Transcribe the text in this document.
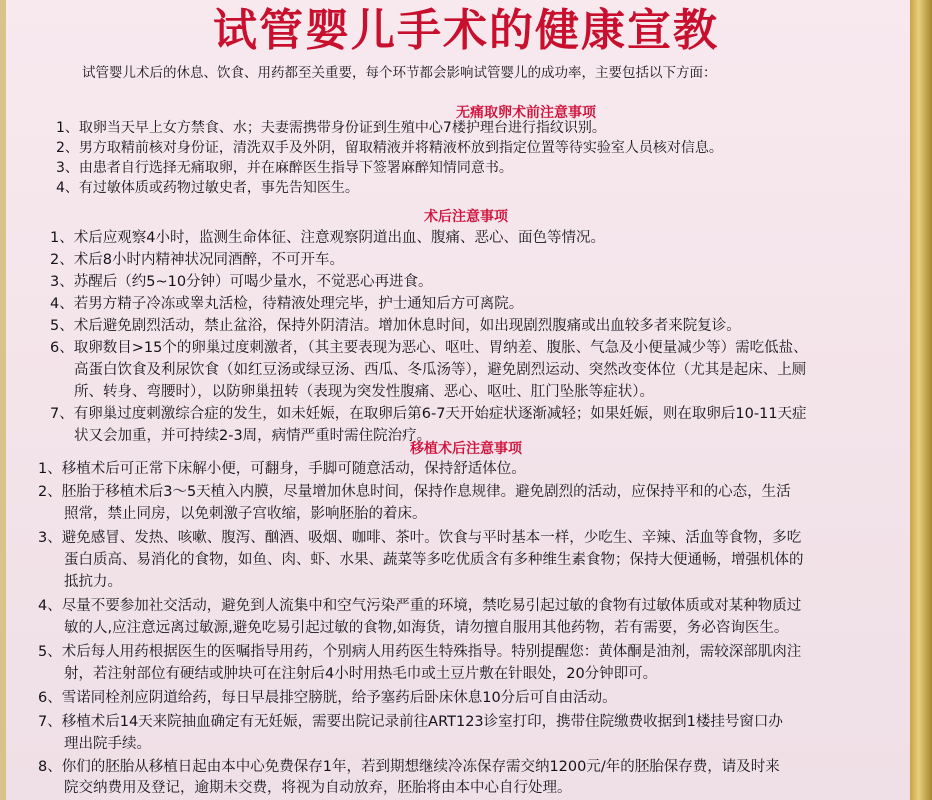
试管婴儿手术的健康宣教
试管婴儿术后的休息、饮食、用药都至关重要，每个环节都会影响试管婴儿的成功率，主要包括以下方面：
无痛取卵术前注意事项
1、取卵当天早上女方禁食、水；夫妻需携带身份证到生殖中心7楼护理台进行指纹识别。
2、男方取精前核对身份证，清洗双手及外阴，留取精液并将精液杯放到指定位置等待实验室人员核对信息。
3、由患者自行选择无痛取卵，并在麻醉医生指导下签署麻醉知情同意书。
4、有过敏体质或药物过敏史者，事先告知医生。
术后注意事项
1、术后应观察4小时，监测生命体征、注意观察阴道出血、腹痛、恶心、面色等情况。
2、术后8小时内精神状况同酒醉，不可开车。
3、苏醒后（约5~10分钟）可喝少量水，不觉恶心再进食。
4、若男方精子冷冻或睾丸活检，待精液处理完毕，护士通知后方可离院。
5、术后避免剧烈活动，禁止盆浴，保持外阴清洁。增加休息时间，如出现剧烈腹痛或出血较多者来院复诊。
6、取卵数目>15个的卵巢过度刺激者，（其主要表现为恶心、呕吐、胃纳差、腹胀、气急及小便量减少等）需吃低盐、
高蛋白饮食及利尿饮食（如红豆汤或绿豆汤、西瓜、冬瓜汤等），避免剧烈运动、突然改变体位（尤其是起床、上厕
所、转身、弯腰时），以防卵巢扭转（表现为突发性腹痛、恶心、呕吐、肛门坠胀等症状）。
7、有卵巢过度刺激综合症的发生，如未妊娠，在取卵后第6-7天开始症状逐渐减轻；如果妊娠，则在取卵后10-11天症
状又会加重，并可持续2-3周，病情严重时需住院治疗。
移植术后注意事项
1、移植术后可正常下床解小便，可翻身，手脚可随意活动，保持舒适体位。
2、胚胎于移植术后3～5天植入内膜，尽量增加休息时间，保持作息规律。避免剧烈的活动，应保持平和的心态，生活
照常，禁止同房，以免刺激子宫收缩，影响胚胎的着床。
3、避免感冒、发热、咳嗽、腹泻、酗酒、吸烟、咖啡、茶叶。饮食与平时基本一样，少吃生、辛辣、活血等食物，多吃
蛋白质高、易消化的食物，如鱼、肉、虾、水果、蔬菜等多吃优质含有多种维生素食物；保持大便通畅，增强机体的
抵抗力。
4、尽量不要参加社交活动，避免到人流集中和空气污染严重的环境，禁吃易引起过敏的食物有过敏体质或对某种物质过
敏的人,应注意远离过敏源,避免吃易引起过敏的食物,如海货，请勿擅自服用其他药物，若有需要，务必咨询医生。
5、术后每人用药根据医生的医嘱指导用药，个别病人用药医生特殊指导。特别提醒您：黄体酮是油剂，需较深部肌肉注
射，若注射部位有硬结或肿块可在注射后4小时用热毛巾或土豆片敷在针眼处，20分钟即可。
6、雪诺同栓剂应阴道给药，每日早晨排空膀胱，给予塞药后卧床休息10分后可自由活动。
7、移植术后14天来院抽血确定有无妊娠，需要出院记录前往ART123诊室打印，携带住院缴费收据到1楼挂号窗口办
理出院手续。
8、你们的胚胎从移植日起由本中心免费保存1年，若到期想继续冷冻保存需交纳1200元/年的胚胎保存费，请及时来
院交纳费用及登记，逾期未交费，将视为自动放弃，胚胎将由本中心自行处理。
